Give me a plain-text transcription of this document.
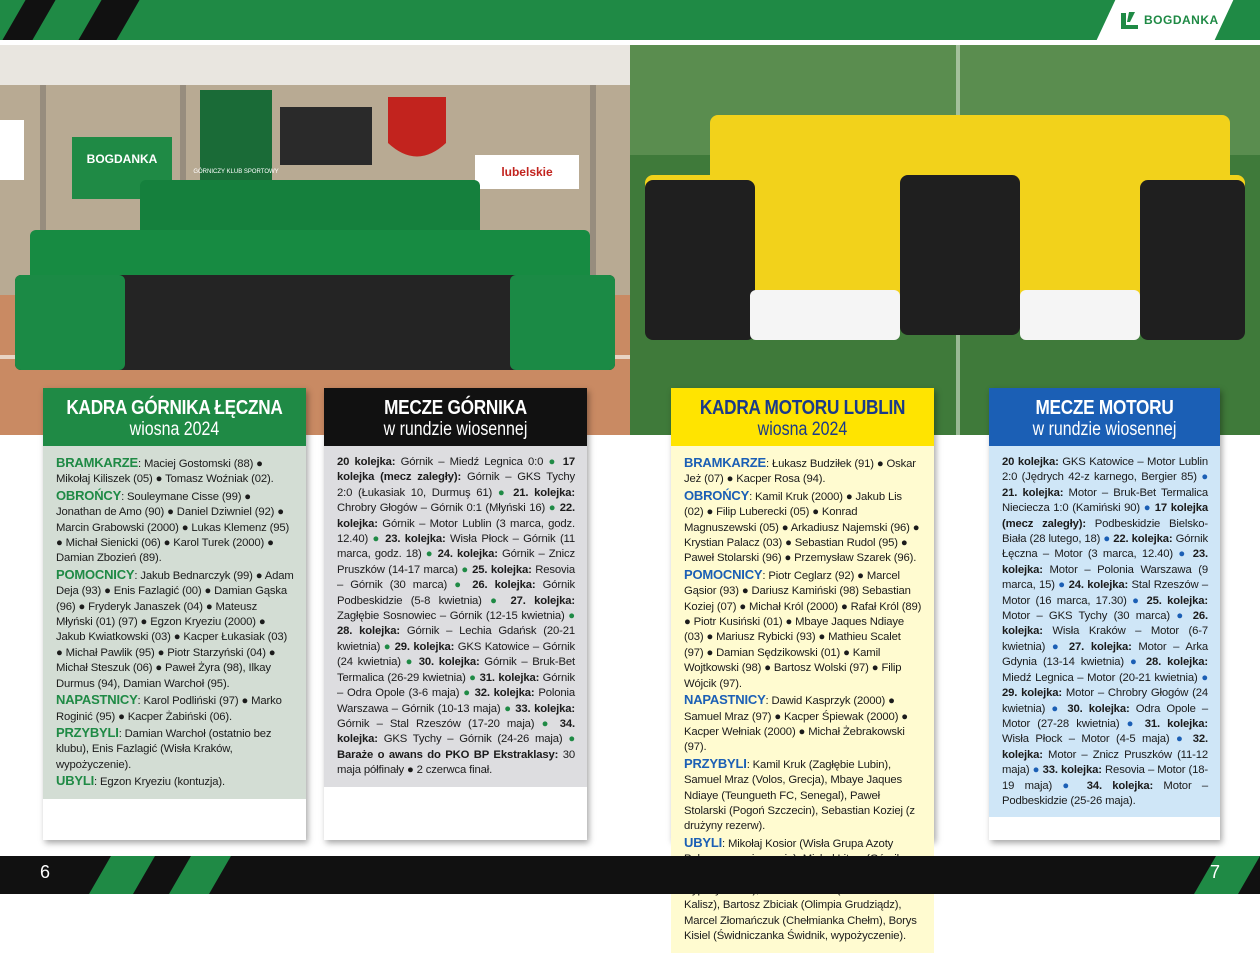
BOGDANKA
BOGDANKA
GÓRNICZY KLUB SPORTOWY	lubelskie
KADRA GÓRNIKA ŁĘCZNA
wiosna 2024
BRAMKARZE: Maciej Gostomski (88) ● Mikołaj Kiliszek (05) ● Tomasz Woźniak (02).
OBROŃCY: Souleymane Cisse (99) ● Jonathan de Amo (90) ● Daniel Dziwniel (92) ● Marcin Grabowski (2000) ● Lukas Klemenz (95) ● Michał Sienicki (06) ● Karol Turek (2000) ● Damian Zbozień (89).
POMOCNICY: Jakub Bednarczyk (99) ● Adam Deja (93) ● Enis Fazlagić (00) ● Damian Gąska (96) ● Fryderyk Janaszek (04) ● Mateusz Młyński (01) (97) ● Egzon Kryeziu (2000) ● Jakub Kwiatkowski (03) ● Kacper Łukasiak (03) ● Michał Pawlik (95) ● Piotr Starzyński (04) ● Michał Steszuk (06) ● Paweł Żyra (98), Ilkay Durmus (94), Damian Warchoł (95).
NAPASTNICY: Karol Podliński (97) ● Marko Roginić (95) ● Kacper Żabiński (06).
PRZYBYLI: Damian Warchoł (ostatnio bez klubu), Enis Fazlagić (Wisła Kraków, wypożyczenie).
UBYLI: Egzon Kryeziu (kontuzja).
MECZE GÓRNIKA
w rundzie wiosennej
20 kolejka: Górnik – Miedź Legnica 0:0 ● 17 kolejka (mecz zaległy): Górnik – GKS Tychy 2:0 (Łukasiak 10, Durmuş 61) ● 21. kolejka: Chrobry Głogów – Górnik 0:1 (Młyński 16) ● 22. kolejka: Górnik – Motor Lublin (3 marca, godz. 12.40) ● 23. kolejka: Wisła Płock – Górnik (11 marca, godz. 18) ● 24. kolejka: Górnik – Znicz Pruszków (14-17 marca) ● 25. kolejka: Resovia – Górnik (30 marca) ● 26. kolejka: Górnik Podbeskidzie (5-8 kwietnia) ● 27. kolejka: Zagłębie Sosnowiec – Górnik (12-15 kwietnia) ● 28. kolejka: Górnik – Lechia Gdańsk (20-21 kwietnia) ● 29. kolejka: GKS Katowice – Górnik (24 kwietnia) ● 30. kolejka: Górnik – Bruk-Bet Termalica (26-29 kwietnia) ● 31. kolejka: Górnik – Odra Opole (3-6 maja) ● 32. kolejka: Polonia Warszawa – Górnik (10-13 maja) ● 33. kolejka: Górnik – Stal Rzeszów (17-20 maja) ● 34. kolejka: GKS Tychy – Górnik (24-26 maja) ● Baraże o awans do PKO BP Ekstraklasy: 30 maja półfinały ● 2 czerwca finał.
KADRA MOTORU LUBLIN
wiosna 2024
BRAMKARZE: Łukasz Budziłek (91) ● Oskar Jeż (07) ● Kacper Rosa (94).
OBROŃCY: Kamil Kruk (2000) ● Jakub Lis (02) ● Filip Luberecki (05) ● Konrad Magnuszewski (05) ● Arkadiusz Najemski (96) ● Krystian Palacz (03) ● Sebastian Rudol (95) ● Paweł Stolarski (96) ● Przemysław Szarek (96).
POMOCNICY: Piotr Ceglarz (92) ● Marcel Gąsior (93) ● Dariusz Kamiński (98) Sebastian Koziej (07) ● Michał Król (2000) ● Rafał Król (89) ● Piotr Kusiński (01) ● Mbaye Jaques Ndiaye (03) ● Mariusz Rybicki (93) ● Mathieu Scalet (97) ● Damian Sędzikowski (01) ● Kamil Wojtkowski (98) ● Bartosz Wolski (97) ● Filip Wójcik (97).
NAPASTNICY: Dawid Kasprzyk (2000) ● Samuel Mraz (97) ● Kacper Śpiewak (2000) ● Kacper Wełniak (2000) ● Michał Żebrakowski (97).
PRZYBYLI: Kamil Kruk (Zagłębie Lubin), Samuel Mraz (Volos, Grecja), Mbaye Jaques Ndiaye (Teungueth FC, Senegal), Paweł Stolarski (Pogoń Szczecin), Sebastian Koziej (z drużyny rezerw).
UBYLI: Mikołaj Kosior (Wisła Grupa Azoty Kalisz), Bartosz Zbiciak (Olimpia Grudziądz), Marcel Złomańczuk (Chełmianka Chełm), Borys Kisiel (Świdniczanka Świdnik, wypożyczenie).
MECZE MOTORU
w rundzie wiosennej
20 kolejka: GKS Katowice – Motor Lublin 2:0 (Jędrych 42-z karnego, Bergier 85) ● 21. kolejka: Motor – Bruk-Bet Termalica Nieciecza 1:0 (Kamiński 90) ● 17 kolejka (mecz zaległy): Podbeskidzie Bielsko-Biała (28 lutego, 18) ● 22. kolejka: Górnik Łęczna – Motor (3 marca, 12.40) ● 23. kolejka: Motor – Polonia Warszawa (9 marca, 15) ● 24. kolejka: Stal Rzeszów – Motor (16 marca, 17.30) ● 25. kolejka: Motor – GKS Tychy (30 marca) ● 26. kolejka: Wisła Kraków – Motor (6-7 kwietnia) ● 27. kolejka: Motor – Arka Gdynia (13-14 kwietnia) ● 28. kolejka: Miedź Legnica – Motor (20-21 kwietnia) ● 29. kolejka: Motor – Chrobry Głogów (24 kwietnia) ● 30. kolejka: Odra Opole – Motor (27-28 kwietnia) ● 31. kolejka: Wisła Płock – Motor (4-5 maja) ● 32. kolejka: Motor – Znicz Pruszków (11-12 maja) ● 33. kolejka: Resovia – Motor (18-19 maja) ● 34. kolejka: Motor – Podbeskidzie (25-26 maja).
6	7
